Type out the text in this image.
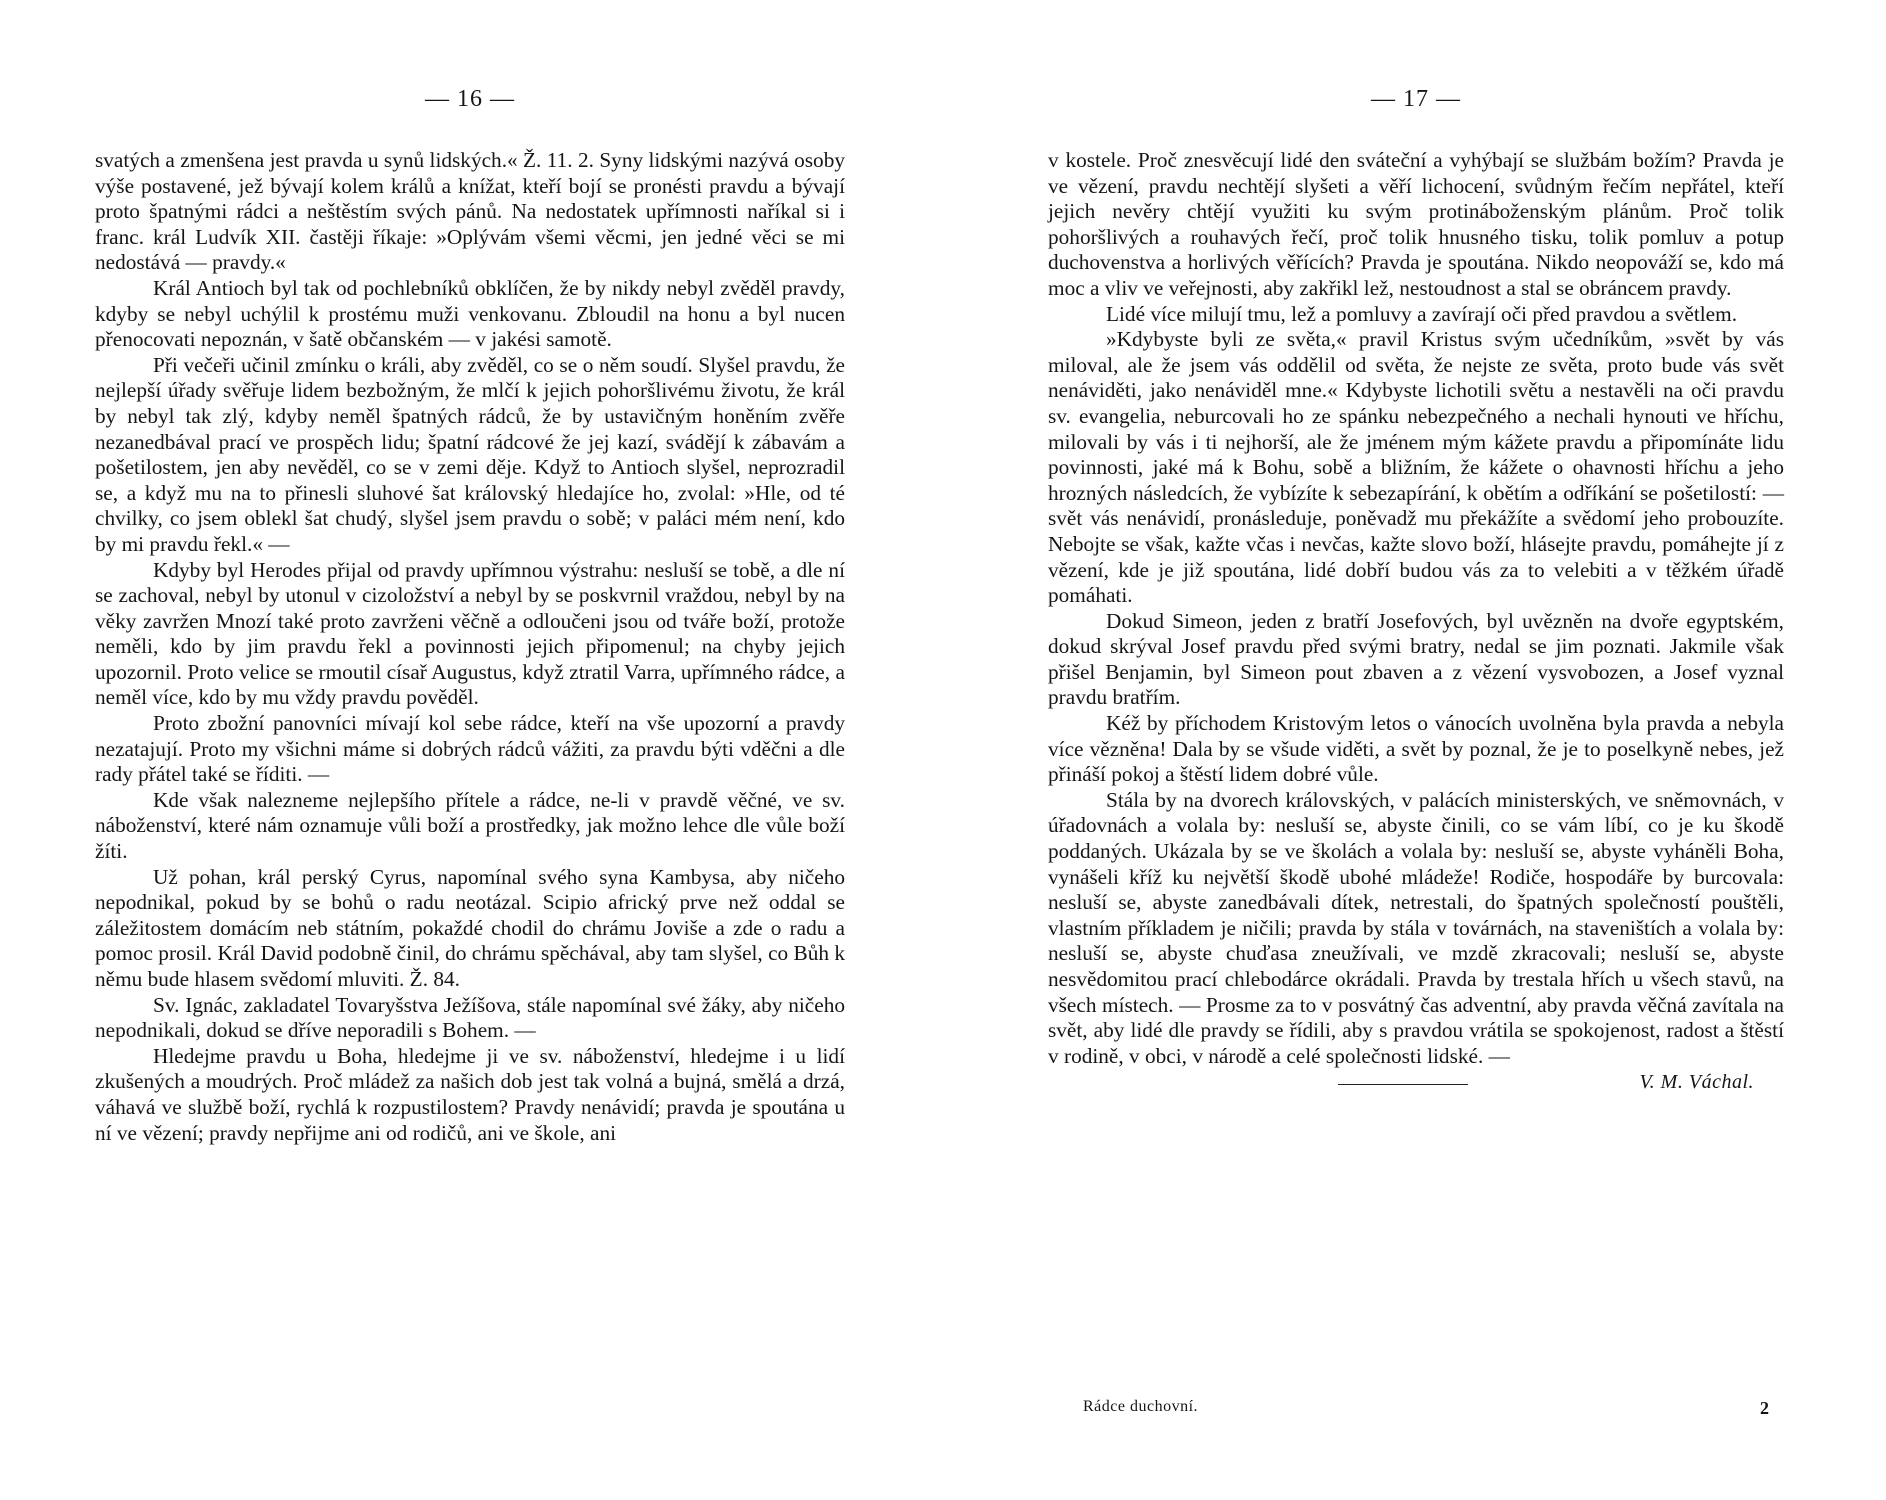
— 16 —

svatých a zmenšena jest pravda u synů lidských.« Ž. 11. 2. Syny lidskými nazývá osoby výše postavené, jež bývají kolem králů a knížat, kteří bojí se pronésti pravdu a bývají proto špatnými rádci a neštěstím svých pánů. Na nedostatek upřímnosti naříkal si i franc. král Ludvík XII. častěji říkaje: »Oplývám všemi věcmi, jen jedné věci se mi nedostává — pravdy.«

Král Antioch byl tak od pochlebníků obklíčen, že by nikdy nebyl zvěděl pravdy, kdyby se nebyl uchýlil k prostému muži venkovanu. Zbloudil na honu a byl nucen přenocovati nepoznán, v šatě občanském — v jakési samotě.

Při večeři učinil zmínku o králi, aby zvěděl, co se o něm soudí. Slyšel pravdu, že nejlepší úřady svěřuje lidem bezbožným, že mlčí k jejich pohoršlivému životu, že král by nebyl tak zlý, kdyby neměl špatných rádců, že by ustavičným honěním zvěře nezanedbával prací ve prospěch lidu; špatní rádcové že jej kazí, svádějí k zábavám a pošetilostem, jen aby nevěděl, co se v zemi děje. Když to Antioch slyšel, neprozradil se, a když mu na to přinesli sluhové šat královský hledajíce ho, zvolal: »Hle, od té chvilky, co jsem oblekl šat chudý, slyšel jsem pravdu o sobě; v paláci mém není, kdo by mi pravdu řekl.« —

Kdyby byl Herodes přijal od pravdy upřímnou výstrahu: nesluší se tobě, a dle ní se zachoval, nebyl by utonul v cizoložství a nebyl by se poskvrnil vraždou, nebyl by na věky zavržen Mnozí také proto zavrženi věčně a odloučeni jsou od tváře boží, protože neměli, kdo by jim pravdu řekl a povinnosti jejich připomenul; na chyby jejich upozornil. Proto velice se rmoutil císař Augustus, když ztratil Varra, upřímného rádce, a neměl více, kdo by mu vždy pravdu pověděl.

Proto zbožní panovníci mívají kol sebe rádce, kteří na vše upozorní a pravdy nezatajují. Proto my všichni máme si dobrých rádců vážiti, za pravdu býti vděčni a dle rady přátel také se říditi. —

Kde však nalezneme nejlepšího přítele a rádce, ne-li v pravdě věčné, ve sv. náboženství, které nám oznamuje vůli boží a prostředky, jak možno lehce dle vůle boží žíti.

Už pohan, král perský Cyrus, napomínal svého syna Kambysa, aby ničeho nepodnikal, pokud by se bohů o radu neotázal. Scipio africký prve než oddal se záležitostem domácím neb státním, pokaždé chodil do chrámu Joviše a zde o radu a pomoc prosil. Král David podobně činil, do chrámu spěchával, aby tam slyšel, co Bůh k němu bude hlasem svědomí mluviti. Ž. 84.

Sv. Ignác, zakladatel Tovaryšstva Ježíšova, stále napomínal své žáky, aby ničeho nepodnikali, dokud se dříve neporadili s Bohem. —

Hledejme pravdu u Boha, hledejme ji ve sv. náboženství, hledejme i u lidí zkušených a moudrých. Proč mládež za našich dob jest tak volná a bujná, smělá a drzá, váhavá ve službě boží, rychlá k rozpustilostem? Pravdy nenávidí; pravda je spoutána u ní ve vězení; pravdy nepřijme ani od rodičů, ani ve škole, ani

— 17 —

v kostele. Proč znesvěcují lidé den sváteční a vyhýbají se službám božím? Pravda je ve vězení, pravdu nechtějí slyšeti a věří lichocení, svůdným řečím nepřátel, kteří jejich nevěry chtějí využiti ku svým protináboženským plánům. Proč tolik pohoršlivých a rouhavých řečí, proč tolik hnusného tisku, tolik pomluv a potup duchovenstva a horlivých věřících? Pravda je spoutána. Nikdo neopováží se, kdo má moc a vliv ve veřejnosti, aby zakřikl lež, nestoudnost a stal se obráncem pravdy.

Lidé více milují tmu, lež a pomluvy a zavírají oči před pravdou a světlem.

»Kdybyste byli ze světa,« pravil Kristus svým učedníkům, »svět by vás miloval, ale že jsem vás oddělil od světa, že nejste ze světa, proto bude vás svět nenáviděti, jako nenáviděl mne.« Kdybyste lichotili světu a nestavěli na oči pravdu sv. evangelia, neburcovali ho ze spánku nebezpečného a nechali hynouti ve hříchu, milovali by vás i ti nejhorší, ale že jménem mým kážete pravdu a připomínáte lidu povinnosti, jaké má k Bohu, sobě a bližním, že kážete o ohavnosti hříchu a jeho hrozných následcích, že vybízíte k sebezapírání, k obětím a odříkání se pošetilostí: — svět vás nenávidí, pronásleduje, poněvadž mu překážíte a svědomí jeho probouzíte. Nebojte se však, kažte včas i nevčas, kažte slovo boží, hlásejte pravdu, pomáhejte jí z vězení, kde je již spoutána, lidé dobří budou vás za to velebiti a v těžkém úřadě pomáhati.

Dokud Simeon, jeden z bratří Josefových, byl uvězněn na dvoře egyptském, dokud skrýval Josef pravdu před svými bratry, nedal se jim poznati. Jakmile však přišel Benjamin, byl Simeon pout zbaven a z vězení vysvobozen, a Josef vyznal pravdu bratřím.

Kéž by příchodem Kristovým letos o vánocích uvolněna byla pravda a nebyla více vězněna! Dala by se všude viděti, a svět by poznal, že je to poselkyně nebes, jež přináší pokoj a štěstí lidem dobré vůle.

Stála by na dvorech královských, v palácích ministerských, ve sněmovnách, v úřadovnách a volala by: nesluší se, abyste činili, co se vám líbí, co je ku škodě poddaných. Ukázala by se ve školách a volala by: nesluší se, abyste vyháněli Boha, vynášeli kříž ku největší škodě ubohé mládeže! Rodiče, hospodáře by burcovala: nesluší se, abyste zanedbávali dítek, netrestali, do špatných společností pouštěli, vlastním příkladem je ničili; pravda by stála v továrnách, na staveništích a volala by: nesluší se, abyste chuďasa zneužívali, ve mzdě zkracovali; nesluší se, abyste nesvědomitou prací chlebodárce okrádali. Pravda by trestala hřích u všech stavů, na všech místech. — Prosme za to v posvátný čas adventní, aby pravda věčná zavítala na svět, aby lidé dle pravdy se řídili, aby s pravdou vrátila se spokojenost, radost a štěstí v rodině, v obci, v národě a celé společnosti lidské. —

V. M. Váchal.
Rádce duchovní.	2
